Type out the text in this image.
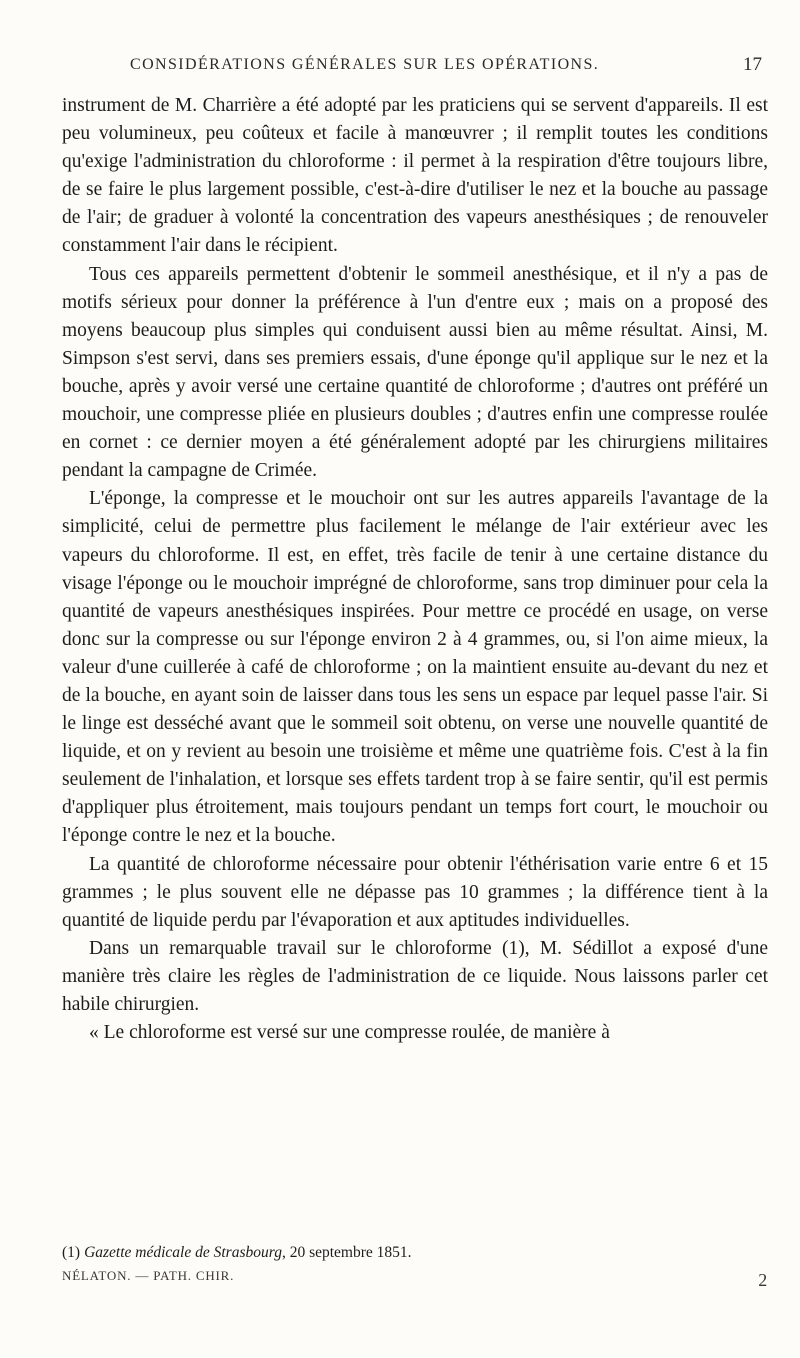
CONSIDÉRATIONS GÉNÉRALES SUR LES OPÉRATIONS.	17

instrument de M. Charrière a été adopté par les praticiens qui se servent d'appareils. Il est peu volumineux, peu coûteux et facile à manœuvrer ; il remplit toutes les conditions qu'exige l'administration du chloroforme : il permet à la respiration d'être toujours libre, de se faire le plus largement possible, c'est-à-dire d'utiliser le nez et la bouche au passage de l'air; de graduer à volonté la concentration des vapeurs anesthésiques ; de renouveler constamment l'air dans le récipient.

Tous ces appareils permettent d'obtenir le sommeil anesthésique, et il n'y a pas de motifs sérieux pour donner la préférence à l'un d'entre eux ; mais on a proposé des moyens beaucoup plus simples qui conduisent aussi bien au même résultat. Ainsi, M. Simpson s'est servi, dans ses premiers essais, d'une éponge qu'il applique sur le nez et la bouche, après y avoir versé une certaine quantité de chloroforme ; d'autres ont préféré un mouchoir, une compresse pliée en plusieurs doubles ; d'autres enfin une compresse roulée en cornet : ce dernier moyen a été généralement adopté par les chirurgiens militaires pendant la campagne de Crimée.

L'éponge, la compresse et le mouchoir ont sur les autres appareils l'avantage de la simplicité, celui de permettre plus facilement le mélange de l'air extérieur avec les vapeurs du chloroforme. Il est, en effet, très facile de tenir à une certaine distance du visage l'éponge ou le mouchoir imprégné de chloroforme, sans trop diminuer pour cela la quantité de vapeurs anesthésiques inspirées. Pour mettre ce procédé en usage, on verse donc sur la compresse ou sur l'éponge environ 2 à 4 grammes, ou, si l'on aime mieux, la valeur d'une cuillerée à café de chloroforme ; on la maintient ensuite au-devant du nez et de la bouche, en ayant soin de laisser dans tous les sens un espace par lequel passe l'air. Si le linge est desséché avant que le sommeil soit obtenu, on verse une nouvelle quantité de liquide, et on y revient au besoin une troisième et même une quatrième fois. C'est à la fin seulement de l'inhalation, et lorsque ses effets tardent trop à se faire sentir, qu'il est permis d'appliquer plus étroitement, mais toujours pendant un temps fort court, le mouchoir ou l'éponge contre le nez et la bouche.

La quantité de chloroforme nécessaire pour obtenir l'éthérisation varie entre 6 et 15 grammes ; le plus souvent elle ne dépasse pas 10 grammes ; la différence tient à la quantité de liquide perdu par l'évaporation et aux aptitudes individuelles.

Dans un remarquable travail sur le chloroforme (1), M. Sédillot a exposé d'une manière très claire les règles de l'administration de ce liquide. Nous laissons parler cet habile chirurgien.

« Le chloroforme est versé sur une compresse roulée, de manière à

(1) Gazette médicale de Strasbourg, 20 septembre 1851.

NÉLATON. — PATH. CHIR.	2
